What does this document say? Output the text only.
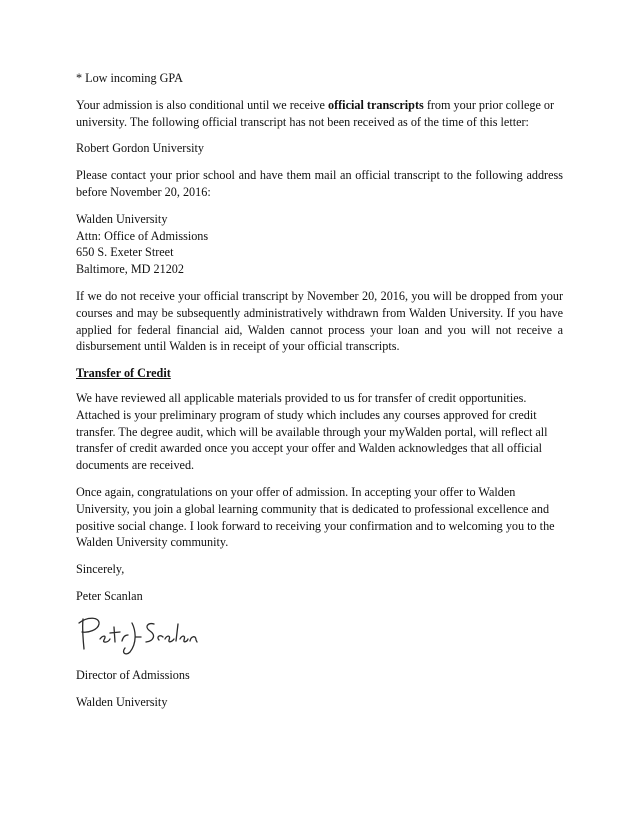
* Low incoming GPA

Your admission is also conditional until we receive official transcripts from your prior college or university. The following official transcript has not been received as of the time of this letter:

Robert Gordon University

Please contact your prior school and have them mail an official transcript to the following address before November 20, 2016:

Walden University
Attn: Office of Admissions
650 S. Exeter Street
Baltimore, MD 21202

If we do not receive your official transcript by November 20, 2016, you will be dropped from your courses and may be subsequently administratively withdrawn from Walden University. If you have applied for federal financial aid, Walden cannot process your loan and you will not receive a disbursement until Walden is in receipt of your official transcripts.

Transfer of Credit

We have reviewed all applicable materials provided to us for transfer of credit opportunities. Attached is your preliminary program of study which includes any courses approved for credit transfer. The degree audit, which will be available through your myWalden portal, will reflect all transfer of credit awarded once you accept your offer and Walden acknowledges that all official documents are received.

Once again, congratulations on your offer of admission. In accepting your offer to Walden University, you join a global learning community that is dedicated to professional excellence and positive social change. I look forward to receiving your confirmation and to welcoming you to the Walden University community.

Sincerely,

Peter Scanlan

Director of Admissions

Walden University
